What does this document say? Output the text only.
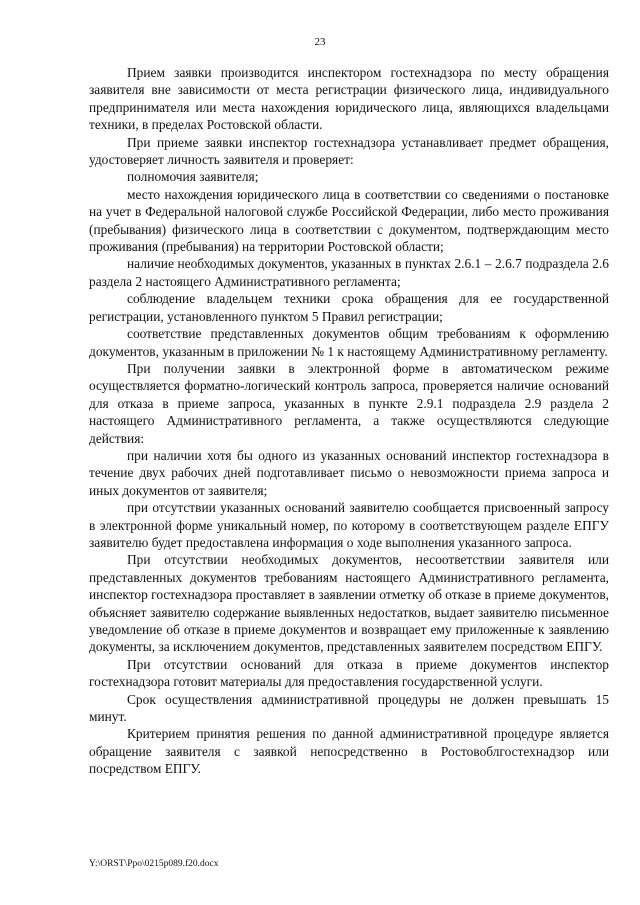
23

Прием заявки производится инспектором гостехнадзора по месту обращения заявителя вне зависимости от места регистрации физического лица, индивидуального предпринимателя или места нахождения юридического лица, являющихся владельцами техники, в пределах Ростовской области.

При приеме заявки инспектор гостехнадзора устанавливает предмет обращения, удостоверяет личность заявителя и проверяет:

полномочия заявителя;

место нахождения юридического лица в соответствии со сведениями о постановке на учет в Федеральной налоговой службе Российской Федерации, либо место проживания (пребывания) физического лица в соответствии с документом, подтверждающим место проживания (пребывания) на территории Ростовской области;

наличие необходимых документов, указанных в пунктах 2.6.1 – 2.6.7 подраздела 2.6 раздела 2 настоящего Административного регламента;

соблюдение владельцем техники срока обращения для ее государственной регистрации, установленного пунктом 5 Правил регистрации;

соответствие представленных документов общим требованиям к оформлению документов, указанным в приложении № 1 к настоящему Административному регламенту.

При получении заявки в электронной форме в автоматическом режиме осуществляется форматно-логический контроль запроса, проверяется наличие оснований для отказа в приеме запроса, указанных в пункте 2.9.1 подраздела 2.9 раздела 2 настоящего Административного регламента, а также осуществляются следующие действия:

при наличии хотя бы одного из указанных оснований инспектор гостехнадзора в течение двух рабочих дней подготавливает письмо о невозможности приема запроса и иных документов от заявителя;

при отсутствии указанных оснований заявителю сообщается присвоенный запросу в электронной форме уникальный номер, по которому в соответствующем разделе ЕПГУ заявителю будет предоставлена информация о ходе выполнения указанного запроса.

При отсутствии необходимых документов, несоответствии заявителя или представленных документов требованиям настоящего Административного регламента, инспектор гостехнадзора проставляет в заявлении отметку об отказе в приеме документов, объясняет заявителю содержание выявленных недостатков, выдает заявителю письменное уведомление об отказе в приеме документов и возвращает ему приложенные к заявлению документы, за исключением документов, представленных заявителем посредством ЕПГУ.

При отсутствии оснований для отказа в приеме документов инспектор гостехнадзора готовит материалы для предоставления государственной услуги.

Срок осуществления административной процедуры не должен превышать 15 минут.

Критерием принятия решения по данной административной процедуре является обращение заявителя с заявкой непосредственно в Ростовоблгостехнадзор или посредством ЕПГУ.

Y:\ORST\Ppo\0215p089.f20.docx
